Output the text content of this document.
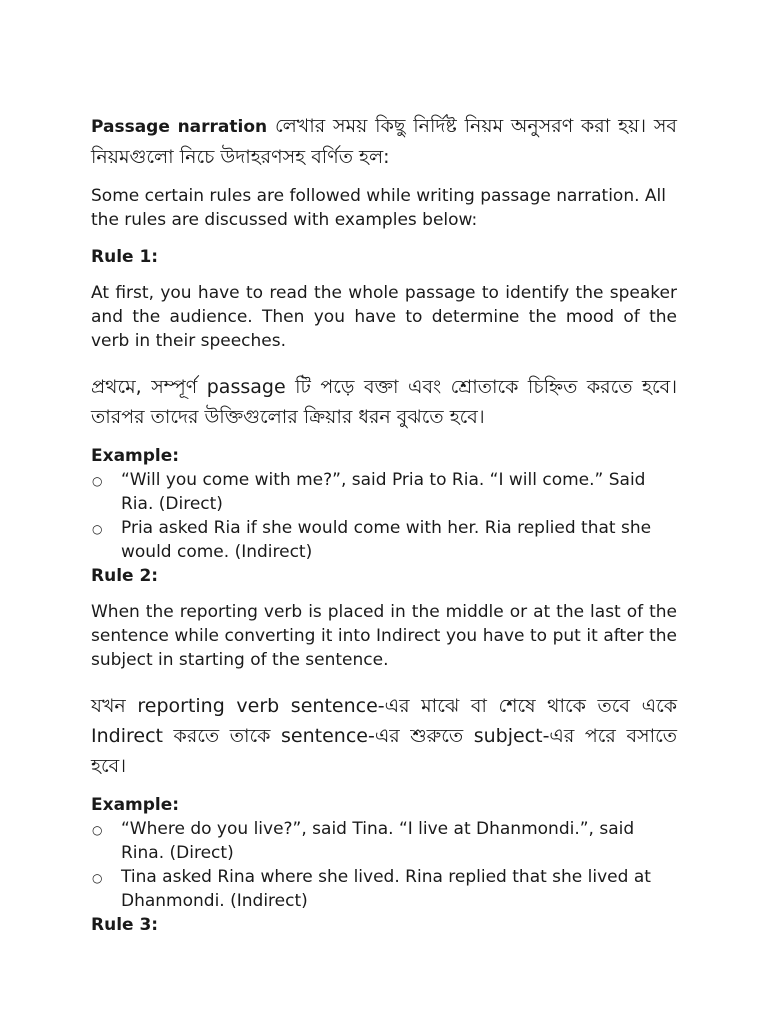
Passage narration লেখার সময় কিছু নির্দিষ্ট নিয়ম অনুসরণ করা হয়। সব নিয়মগুলো নিচে উদাহরণসহ বর্ণিত হল:

Some certain rules are followed while writing passage narration. All the rules are discussed with examples below:

Rule 1:

At first, you have to read the whole passage to identify the speaker and the audience. Then you have to determine the mood of the verb in their speeches.

প্রথমে, সম্পূর্ণ passage টি পড়ে বক্তা এবং শ্রোতাকে চিহ্নিত করতে হবে। তারপর তাদের উক্তিগুলোর ক্রিয়ার ধরন বুঝতে হবে।

Example:

○ “Will you come with me?”, said Pria to Ria. “I will come.” Said Ria. (Direct)
○ Pria asked Ria if she would come with her. Ria replied that she would come. (Indirect)

Rule 2:

When the reporting verb is placed in the middle or at the last of the sentence while converting it into Indirect you have to put it after the subject in starting of the sentence.

যখন reporting verb sentence-এর মাঝে বা শেষে থাকে তবে একে Indirect করতে তাকে sentence-এর শুরুতে subject-এর পরে বসাতে হবে।

Example:

○ “Where do you live?”, said Tina. “I live at Dhanmondi.”, said Rina. (Direct)
○ Tina asked Rina where she lived. Rina replied that she lived at Dhanmondi. (Indirect)

Rule 3:
